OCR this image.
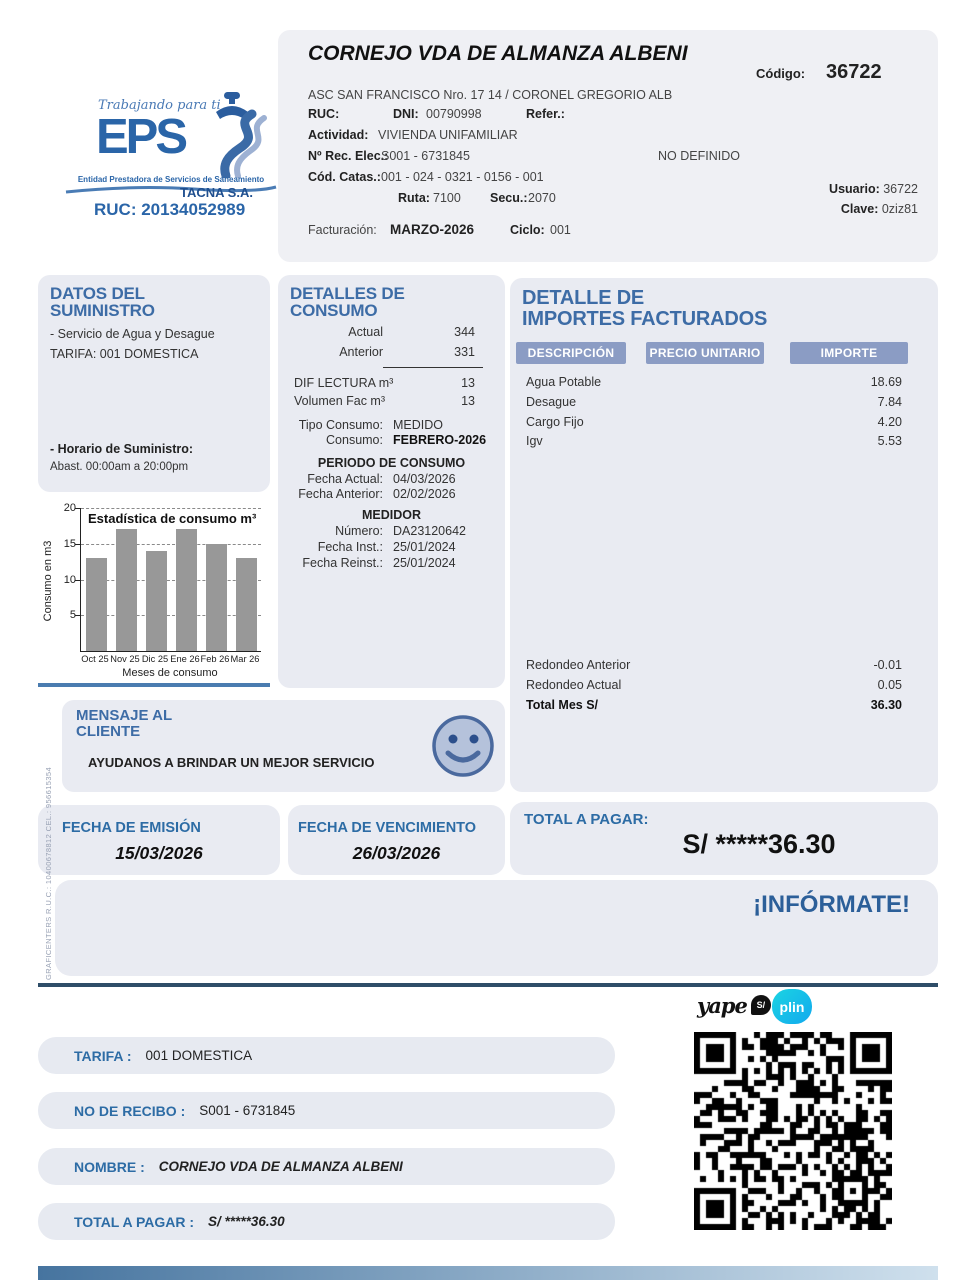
Trabajando para ti
EPS
Entidad Prestadora de Servicios de Saneamiento
TACNA S.A.
RUC: 20134052989
CORNEJO VDA DE ALMANZA ALBENI
Código: 36722
ASC SAN FRANCISCO Nro. 17 14 / CORONEL GREGORIO ALB
RUC:	DNI: 00790998	Refer.:
Actividad: VIVIENDA UNIFAMILIAR
Nº Rec. Elec.:
S001 - 6731845	NO DEFINIDO
Cód. Catas.: 001 - 024 - 0321 - 0156 - 001
Ruta: 7100 Secu.: 2070
Usuario: 36722
Clave: 0ziz81
Facturación: MARZO-2026	Ciclo: 001
DATOS DEL
SUMINISTRO
- Servicio de Agua y Desague
TARIFA: 001 DOMESTICA
- Horario de Suministro:
Abast. 00:00am a 20:00pm
Consumo en m3	5
10
15
20
Estadística de consumo m³
Oct 25 Nov 25 Dic 25 Ene 26 Feb 26 Mar 26
Meses de consumo
DETALLES DE
CONSUMO
Actual	344
Anterior	331
DIF LECTURA m³	13
Volumen Fac m³	13
Tipo Consumo: MEDIDO
Consumo: FEBRERO-2026
PERIODO DE CONSUMO
Fecha Actual: 04/03/2026
Fecha Anterior: 02/02/2026
MEDIDOR
Número: DA23120642
Fecha Inst.: 25/01/2024
Fecha Reinst.: 25/01/2024
DETALLE DE
IMPORTES FACTURADOS
DESCRIPCIÓN	PRECIO UNITARIO	IMPORTE
Agua Potable	18.69
Desague	7.84
Cargo Fijo	4.20
Igv	5.53
Redondeo Anterior	-0.01
Redondeo Actual	0.05
Total Mes S/	36.30
MENSAJE AL
CLIENTE
AYUDANOS A BRINDAR UN MEJOR SERVICIO
FECHA DE EMISIÓN
15/03/2026
FECHA DE VENCIMIENTO
26/03/2026
TOTAL A PAGAR:
S/ *****36.30
¡INFÓRMATE!
GRAFICENTERS R.U.C.: 10400678812 CEL.: 956615354
yape S/	plin
TARIFA : 001 DOMESTICA
NO DE RECIBO : S001 - 6731845
NOMBRE : CORNEJO VDA DE ALMANZA ALBENI
TOTAL A PAGAR : S/ *****36.30
